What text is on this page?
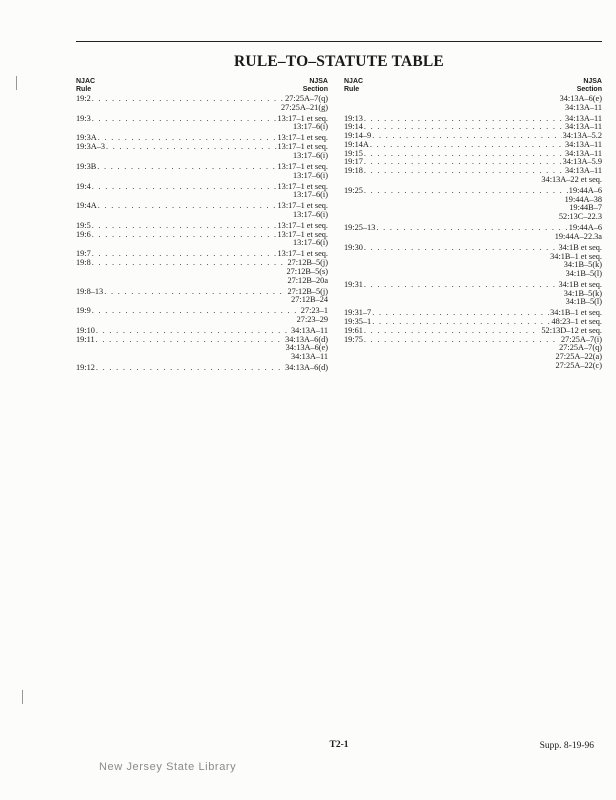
RULE–TO–STATUTE TABLE
NJAC
Rule
NJSA
Section
19:2 . . .	27:25A–7(q)
27:25A–21(g)
19:3 . . .	13:17–1 et seq.
13:17–6(i)
19:3A . . .	13:17–1 et seq.
19:3A–3 . . .	13:17–1 et seq.
13:17–6(i)
19:3B . . .	13:17–1 et seq.
13:17–6(i)
19:4 . . .	13:17–1 et seq.
13:17–6(i)
19:4A . . .	13:17–1 et seq.
13:17–6(i)
19:5 . . .	13:17–1 et seq.
19:6 . . .	13:17–1 et seq.
13:17–6(i)
19:7 . . .	13:17–1 et seq.
19:8 . . .	27:12B–5(j)
27:12B–5(s)
27:12B–20a
19:8–13 . . .	27:12B–5(j)
27:12B–24
19:9 . . .	27:23–1
27:23–29
19:10 . . .	34:13A–11
19:11 . . .	34:13A–6(d)
34:13A–6(e)
34:13A–11
19:12 . . .	34:13A–6(d)
NJAC
Rule
NJSA
Section
34:13A–6(e)
34:13A–11
19:13 . . .	34:13A–11
19:14 . . .	34:13A–11
19:14–9 . . .	34:13A–5.2
19:14A . . .	34:13A–11
19:15 . . .	34:13A–11
19:17 . . .	34:13A–5.9
19:18 . . .	34:13A–11
34:13A–22 et seq.
19:25 . . .	19:44A–6
19:44A–38
19:44B–7
52:13C–22.3
19:25–13 . . .	19:44A–6
19:44A–22.3a
19:30 . . .	34:1B et seq.
34:1B–1 et seq.
34:1B–5(k)
34:1B–5(l)
19:31 . . .	34:1B et seq.
34:1B–5(k)
34:1B–5(l)
19:31–7 . . .	34:1B–1 et seq.
19:35–1 . . .	48:23–1 et seq.
19:61 . . .	52:13D–12 et seq.
19:75 . . .	27:25A–7(i)
27:25A–7(q)
27:25A–22(a)
27:25A–22(c)
T2-1	Supp. 8-19-96
New Jersey State Library
